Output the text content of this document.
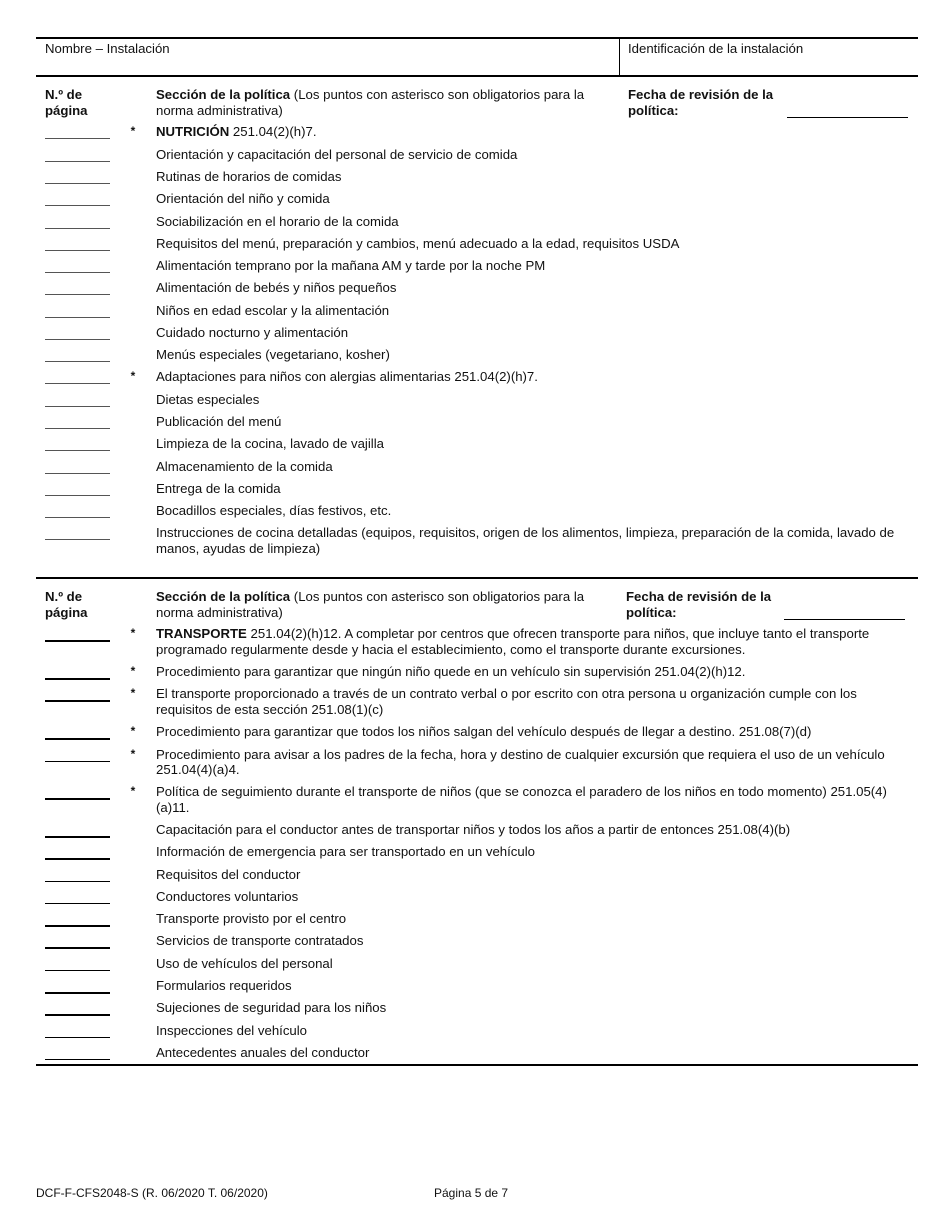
Nombre – Instalación	Identificación de la instalación
N.º de página
Sección de la política (Los puntos con asterisco son obligatorios para la norma administrativa)
Fecha de revisión de la política:
*	NUTRICIÓN 251.04(2)(h)7.
Orientación y capacitación del personal de servicio de comida
Rutinas de horarios de comidas
Orientación del niño y comida
Sociabilización en el horario de la comida
Requisitos del menú, preparación y cambios, menú adecuado a la edad, requisitos USDA
Alimentación temprano por la mañana AM y tarde por la noche PM
Alimentación de bebés y niños pequeños
Niños en edad escolar y la alimentación
Cuidado nocturno y alimentación
Menús especiales (vegetariano, kosher)
*	Adaptaciones para niños con alergias alimentarias 251.04(2)(h)7.
Dietas especiales
Publicación del menú
Limpieza de la cocina, lavado de vajilla
Almacenamiento de la comida
Entrega de la comida
Bocadillos especiales, días festivos, etc.
Instrucciones de cocina detalladas (equipos, requisitos, origen de los alimentos, limpieza, preparación de la comida, lavado de manos, ayudas de limpieza)
N.º de página
Sección de la política (Los puntos con asterisco son obligatorios para la norma administrativa)
Fecha de revisión de la política:
*	TRANSPORTE 251.04(2)(h)12. A completar por centros que ofrecen transporte para niños, que incluye tanto el transporte programado regularmente desde y hacia el establecimiento, como el transporte durante excursiones.
*	Procedimiento para garantizar que ningún niño quede en un vehículo sin supervisión 251.04(2)(h)12.
*	El transporte proporcionado a través de un contrato verbal o por escrito con otra persona u organización cumple con los requisitos de esta sección 251.08(1)(c)
*	Procedimiento para garantizar que todos los niños salgan del vehículo después de llegar a destino. 251.08(7)(d)
*	Procedimiento para avisar a los padres de la fecha, hora y destino de cualquier excursión que requiera el uso de un vehículo 251.04(4)(a)4.
*	Política de seguimiento durante el transporte de niños (que se conozca el paradero de los niños en todo momento) 251.05(4)(a)11.
Capacitación para el conductor antes de transportar niños y todos los años a partir de entonces 251.08(4)(b)
Información de emergencia para ser transportado en un vehículo
Requisitos del conductor
Conductores voluntarios
Transporte provisto por el centro
Servicios de transporte contratados
Uso de vehículos del personal
Formularios requeridos
Sujeciones de seguridad para los niños
Inspecciones del vehículo
Antecedentes anuales del conductor
DCF-F-CFS2048-S (R. 06/2020 T. 06/2020)	Página 5 de 7
